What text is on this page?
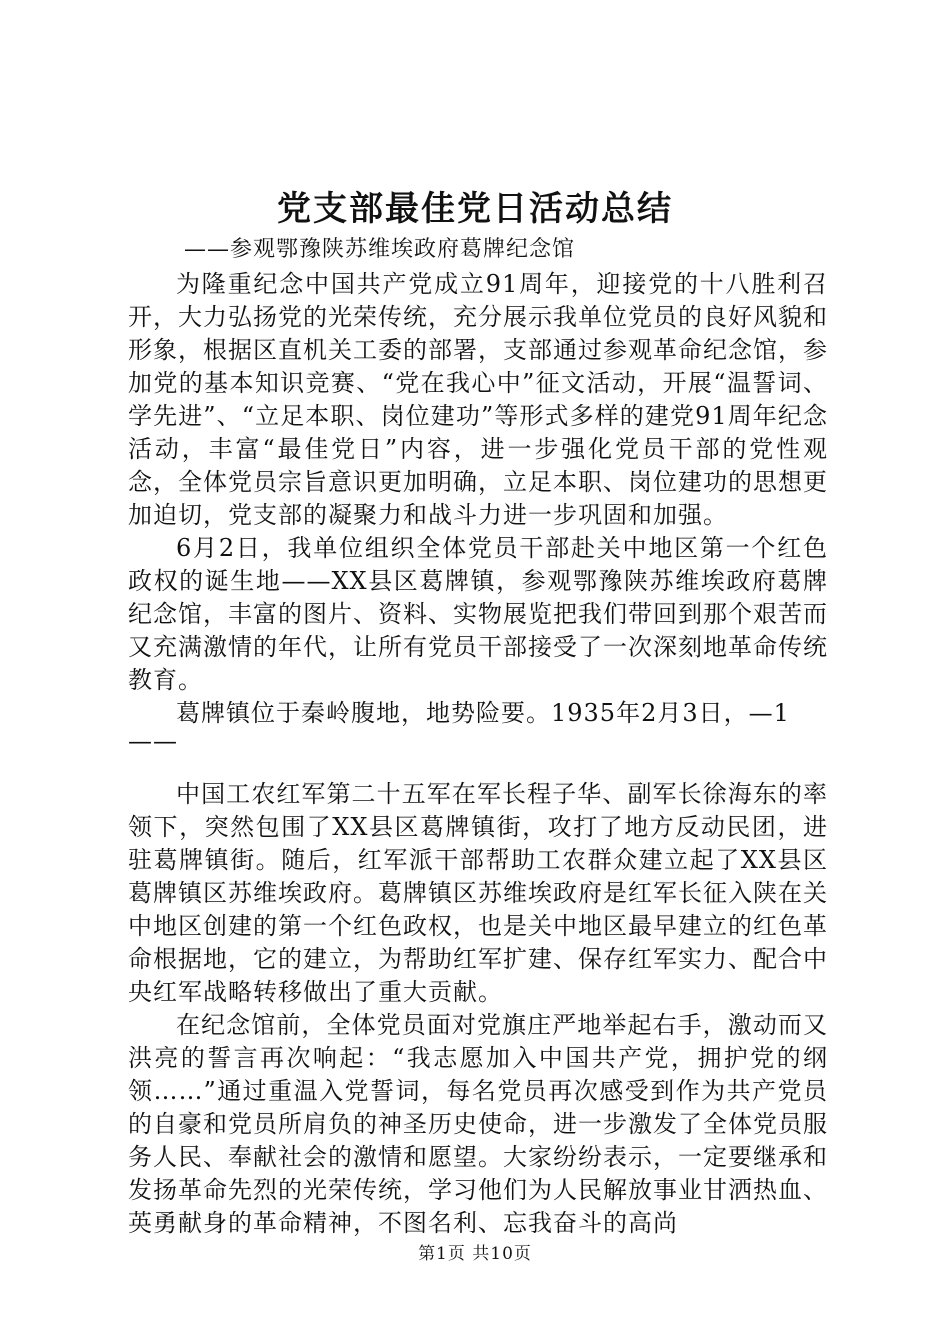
党支部最佳党日活动总结
——参观鄂豫陕苏维埃政府葛牌纪念馆

为隆重纪念中国共产党成立91周年，迎接党的十八胜利召开，大力弘扬党的光荣传统，充分展示我单位党员的良好风貌和形象，根据区直机关工委的部署，支部通过参观革命纪念馆，参加党的基本知识竞赛、“党在我心中”征文活动，开展“温誓词、学先进”、“立足本职、岗位建功”等形式多样的建党91周年纪念活动，丰富“最佳党日”内容，进一步强化党员干部的党性观念，全体党员宗旨意识更加明确，立足本职、岗位建功的思想更加迫切，党支部的凝聚力和战斗力进一步巩固和加强。

6月2日，我单位组织全体党员干部赴关中地区第一个红色政权的诞生地——XX县区葛牌镇，参观鄂豫陕苏维埃政府葛牌纪念馆，丰富的图片、资料、实物展览把我们带回到那个艰苦而又充满激情的年代，让所有党员干部接受了一次深刻地革命传统教育。

葛牌镇位于秦岭腹地，地势险要。1935年2月3日，—1

——

中国工农红军第二十五军在军长程子华、副军长徐海东的率领下，突然包围了XX县区葛牌镇街，攻打了地方反动民团，进驻葛牌镇街。随后，红军派干部帮助工农群众建立起了XX县区葛牌镇区苏维埃政府。葛牌镇区苏维埃政府是红军长征入陕在关中地区创建的第一个红色政权，也是关中地区最早建立的红色革命根据地，它的建立，为帮助红军扩建、保存红军实力、配合中央红军战略转移做出了重大贡献。

在纪念馆前，全体党员面对党旗庄严地举起右手，激动而又洪亮的誓言再次响起：“我志愿加入中国共产党，拥护党的纲领……”通过重温入党誓词，每名党员再次感受到作为共产党员的自豪和党员所肩负的神圣历史使命，进一步激发了全体党员服务人民、奉献社会的激情和愿望。大家纷纷表示，一定要继承和发扬革命先烈的光荣传统，学习他们为人民解放事业甘洒热血、英勇献身的革命精神，不图名利、忘我奋斗的高尚

第1页 共10页
